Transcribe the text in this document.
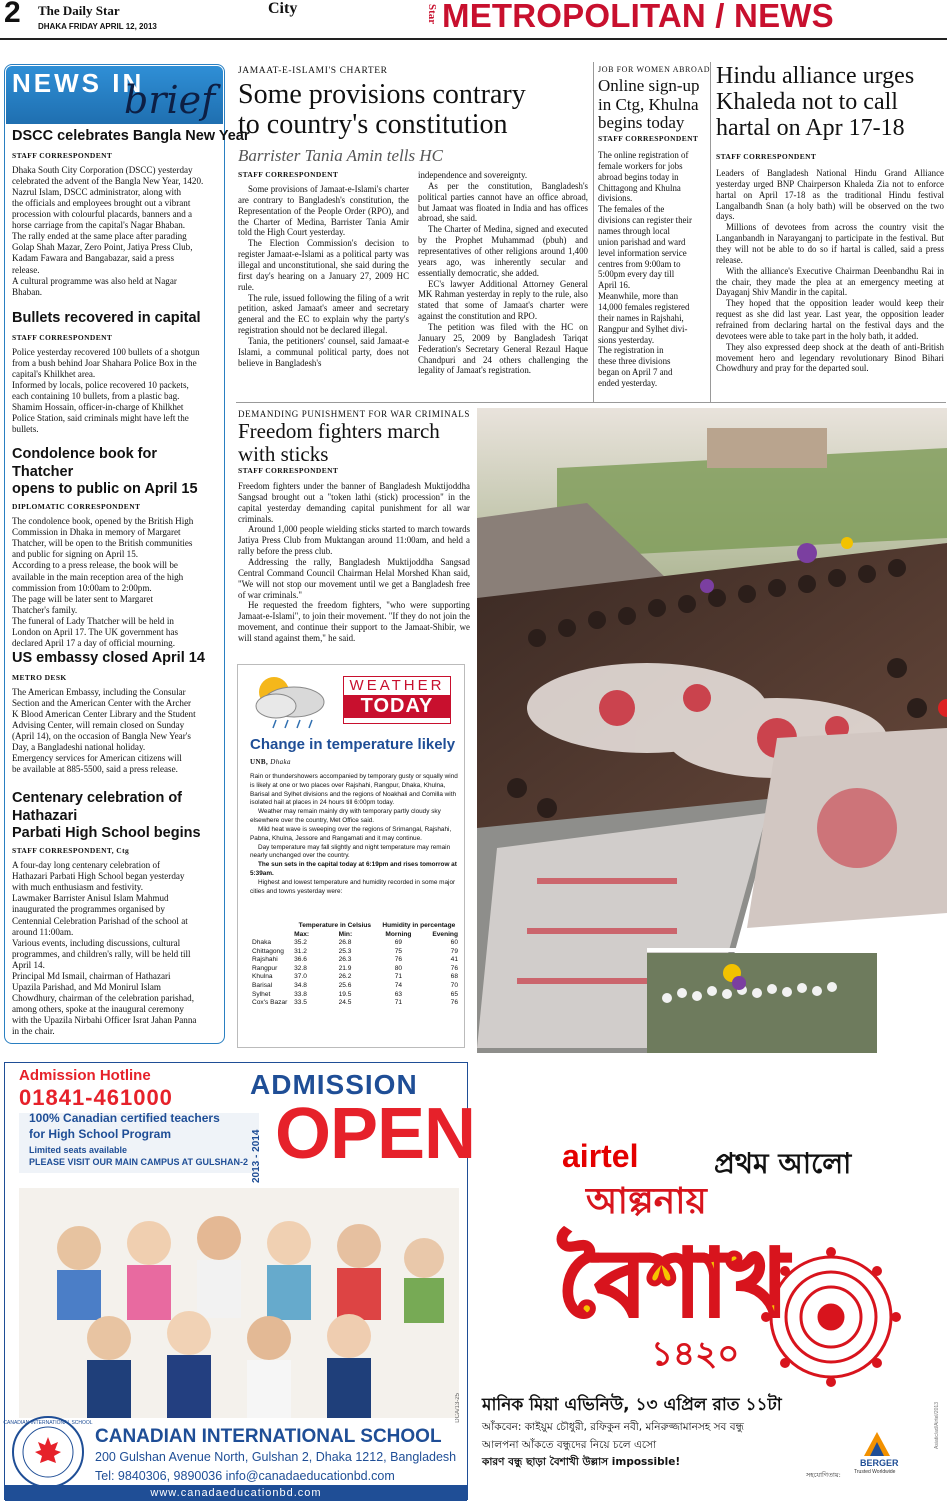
2 The Daily Star
DHAKA FRIDAY APRIL 12, 2013
City	Star METROPOLITAN / NEWS
NEWS IN
brief
DSCC celebrates Bangla New Year
STAFF CORRESPONDENT
Dhaka South City Corporation (DSCC) yesterday
celebrated the advent of the Bangla New Year, 1420.
Nazrul Islam, DSCC administrator, along with
the officials and employees brought out a vibrant
procession with colourful placards, banners and a
horse carriage from the capital's Nagar Bhaban.
The rally ended at the same place after parading
Golap Shah Mazar, Zero Point, Jatiya Press Club,
Kadam Fawara and Bangabazar, said a press
release.
A cultural programme was also held at Nagar
Bhaban.
Bullets recovered in capital
STAFF CORRESPONDENT
Police yesterday recovered 100 bullets of a shotgun
from a bush behind Joar Shahara Police Box in the
capital's Khilkhet area.
Informed by locals, police recovered 10 packets,
each containing 10 bullets, from a plastic bag.
Shamim Hossain, officer-in-charge of Khilkhet
Police Station, said criminals might have left the
bullets.
Condolence book for Thatcher
opens to public on April 15
DIPLOMATIC CORRESPONDENT
The condolence book, opened by the British High
Commission in Dhaka in memory of Margaret
Thatcher, will be open to the British communities
and public for signing on April 15.
According to a press release, the book will be
available in the main reception area of the high
commission from 10:00am to 2:00pm.
The page will be later sent to Margaret
Thatcher's family.
The funeral of Lady Thatcher will be held in
London on April 17. The UK government has
declared April 17 a day of official mourning.
US embassy closed April 14
METRO DESK
The American Embassy, including the Consular
Section and the American Center with the Archer
K Blood American Center Library and the Student
Advising Center, will remain closed on Sunday
(April 14), on the occasion of Bangla New Year's
Day, a Bangladeshi national holiday.
Emergency services for American citizens will
be available at 885-5500, said a press release.
Centenary celebration of Hathazari
Parbati High School begins
STAFF CORRESPONDENT, Ctg
A four-day long centenary celebration of
Hathazari Parbati High School began yesterday
with much enthusiasm and festivity.
Lawmaker Barrister Anisul Islam Mahmud
inaugurated the programmes organised by
Centennial Celebration Parishad of the school at
around 11:00am.
Various events, including discussions, cultural
programmes, and children's rally, will be held till
April 14.
Principal Md Ismail, chairman of Hathazari
Upazila Parishad, and Md Monirul Islam
Chowdhury, chairman of the celebration parishad,
among others, spoke at the inaugural ceremony
with the Upazila Nirbahi Officer Israt Jahan Panna
in the chair.
JAMAAT-E-ISLAMI'S CHARTER
Some provisions contrary
to country's constitution
Barrister Tania Amin tells HC
STAFF CORRESPONDENT

Some provisions of Jamaat-e-Islami's charter are contrary to Bangladesh's constitution, the Representation of the People Order (RPO), and the Charter of Medina, Barrister Tania Amir told the High Court yesterday.

The Election Commission's decision to register Jamaat-e-Islami as a political party was illegal and unconstitutional, she said during the first day's hearing on a January 27, 2009 HC rule.

The rule, issued following the filing of a writ petition, asked Jamaat's ameer and secretary general and the EC to explain why the party's registration should not be declared illegal.

Tania, the petitioners' counsel, said Jamaat-e Islami, a communal political party, does not believe in Bangladesh's

independence and sovereignty.

As per the constitution, Bangladesh's political parties cannot have an office abroad, but Jamaat was floated in India and has offices abroad, she said.

The Charter of Medina, signed and executed by the Prophet Muhammad (pbuh) and representatives of other religions around 1,400 years ago, was inherently secular and essentially democratic, she added.

EC's lawyer Additional Attorney General MK Rahman yesterday in reply to the rule, also stated that some of Jamaat's charter were against the constitution and RPO.

The petition was filed with the HC on January 25, 2009 by Bangladesh Tariqat Federation's Secretary General Rezaul Haque Chandpuri and 24 others challenging the legality of Jamaat's registration.

JOB FOR WOMEN ABROAD
Online sign-up
in Ctg, Khulna
begins today
STAFF CORRESPONDENT
The online registration of
female workers for jobs
abroad begins today in
Chittagong and Khulna
divisions.
The females of the
divisions can register their
names through local
union parishad and ward
level information service
centres from 9:00am to
5:00pm every day till
April 16.
Meanwhile, more than
14,000 females registered
their names in Rajshahi,
Rangpur and Sylhet divi-
sions yesterday.
The registration in
these three divisions
began on April 7 and
ended yesterday.
Hindu alliance urges
Khaleda not to call
hartal on Apr 17-18
STAFF CORRESPONDENT

Leaders of Bangladesh National Hindu Grand Alliance yesterday urged BNP Chairperson Khaleda Zia not to enforce hartal on April 17-18 as the traditional Hindu festival Langalbandh Snan (a holy bath) will be observed on the two days.

Millions of devotees from across the country visit the Langanbandh in Narayanganj to participate in the festival. But they will not be able to do so if hartal is called, said a press release.

With the alliance's Executive Chairman Deenbandhu Rai in the chair, they made the plea at an emergency meeting at Dayaganj Shiv Mandir in the capital.

They hoped that the opposition leader would keep their request as she did last year. Last year, the opposition leader refrained from declaring hartal on the festival days and the devotees were able to take part in the holy bath, it added.

They also expressed deep shock at the death of anti-British movement hero and legendary revolutionary Binod Bihari Chowdhury and pray for the departed soul.

DEMANDING PUNISHMENT FOR WAR CRIMINALS
Freedom fighters march
with sticks
STAFF CORRESPONDENT

Freedom fighters under the banner of Bangladesh Muktijoddha Sangsad brought out a "token lathi (stick) procession" in the capital yesterday demanding capital punishment for all war criminals.

Around 1,000 people wielding sticks started to march towards Jatiya Press Club from Muktangan around 11:00am, and held a rally before the press club.

Addressing the rally, Bangladesh Muktijoddha Sangsad Central Command Council Chairman Helal Morshed Khan said, "We will not stop our movement until we get a Bangladesh free of war criminals."

He requested the freedom fighters, "who were supporting Jamaat-e-Islami", to join their movement. "If they do not join the movement, and continue their support to the Jamaat-Shibir, we will stand against them," he said.

WEATHER
TODAY
Change in temperature likely
UNB, Dhaka

Rain or thundershowers accompanied by temporary gusty or squally wind is likely at one or two places over Rajshahi, Rangpur, Dhaka, Khulna, Barisal and Sylhet divisions and the regions of Noakhali and Comilla with isolated hail at places in 24 hours till 6:00pm today.

Weather may remain mainly dry with temporary partly cloudy sky elsewhere over the country, Met Office said.

Mild heat wave is sweeping over the regions of Srimangal, Rajshahi, Pabna, Khulna, Jessore and Rangamati and it may continue.

Day temperature may fall slightly and night temperature may remain nearly unchanged over the country.

The sun sets in the capital today at 6:19pm and rises tomorrow at 5:39am.

Highest and lowest temperature and humidity recorded in some major cities and towns yesterday were:

	Temperature in Celsius		Humidity in percentage	
	Max:	Min:	Morning	Evening
Dhaka	35.2	26.8	69	60
Chittagong	31.2	25.3	75	79
Rajshahi	36.6	26.3	76	41
Rangpur	32.8	21.9	80	76
Khulna	37.0	26.2	71	68
Barisal	34.8	25.6	74	70
Sylhet	33.8	19.5	63	65
Cox's Bazar	33.5	24.5	71	76
Admission Hotline
01841-461000
100% Canadian certified teachers
for High School Program
Limited seats available
PLEASE VISIT OUR MAIN CAMPUS AT GULSHAN-2
ADMISSION
OPEN
2013 - 2014
CANADIAN INTERNATIONAL SCHOOL
CANADIAN INTERNATIONAL SCHOOL
200 Gulshan Avenue North, Gulshan 2, Dhaka 1212, Bangladesh
Tel: 9840306, 9890036 info@canadaeducationbd.com
www.canadaeducationbd.com
DCA/13-25
airtel	প্রথম আলো
আল্পনায়
বৈশাখ
১৪২০
মানিক মিয়া এভিনিউ, ১৩ এপ্রিল রাত ১১টা
আঁকবেন: কাইয়ুম চৌধুরী, রফিকুন নবী, মনিরুজ্জামানসহ সব বন্ধু
আলপনা আঁকতে বন্ধুদের নিয়ে চলে এসো
কারণ বন্ধু ছাড়া বৈশাখী উল্লাস impossible!
সহযোগিতায়:
BERGER
Trusted Worldwide
Asiatic/ad/Airtel/2013
